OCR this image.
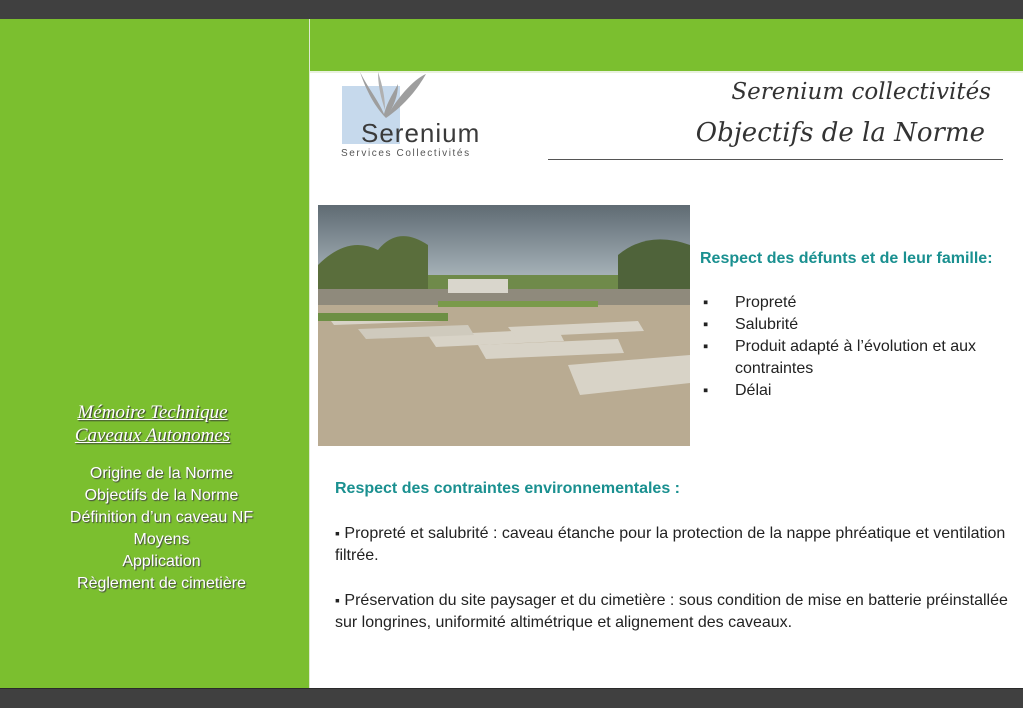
Mémoire Technique
Caveaux Autonomes
Origine de la Norme
Objectifs de la Norme
Définition d’un caveau NF
Moyens
Application
Règlement de cimetière
Serenium
Services Collectivités
Serenium collectivités
Objectifs de la Norme
Respect des défunts et de leur famille:
▪ Propreté
▪ Salubrité
▪ Produit adapté à l’évolution et aux contraintes
▪ Délai
Respect des contraintes environnementales :
▪ Propreté et salubrité : caveau étanche pour la protection de la nappe phréatique et ventilation filtrée.
▪ Préservation du site paysager et du cimetière : sous condition de mise en batterie préinstallée sur longrines, uniformité altimétrique et alignement des caveaux.
